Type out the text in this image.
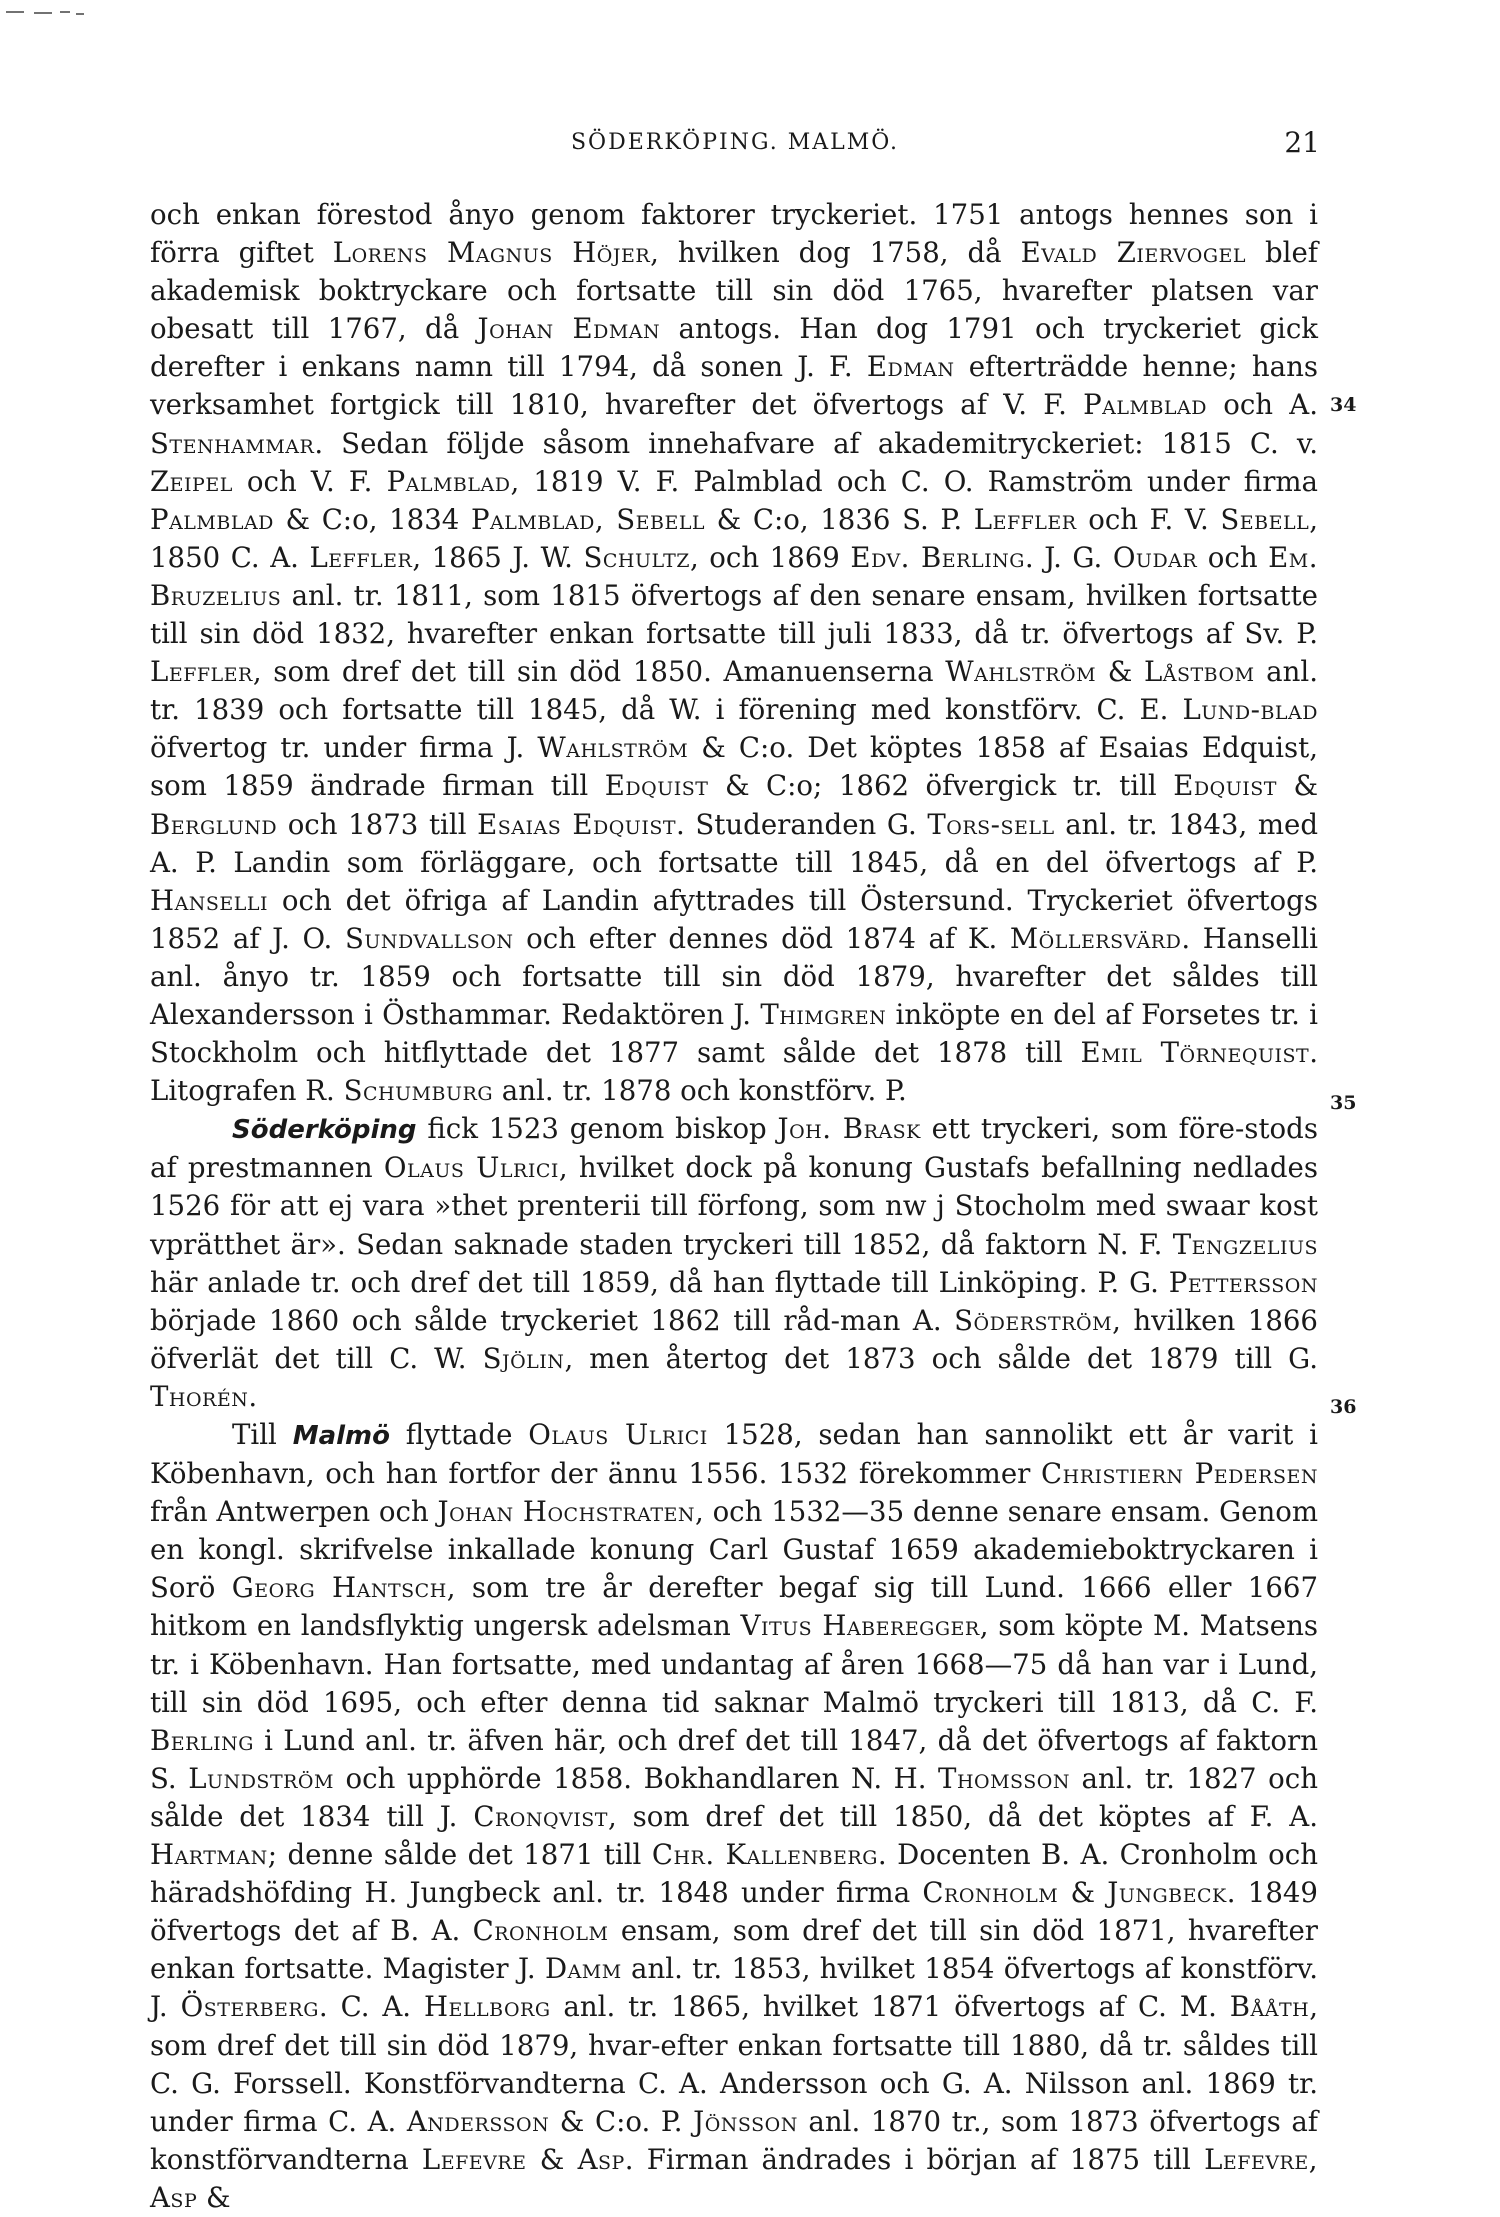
SÖDERKÖPING. MALMÖ.	21
34
35
36

och enkan förestod ånyo genom faktorer tryckeriet. 1751 antogs hennes son i förra giftet Lorens Magnus Höjer, hvilken dog 1758, då Evald Ziervogel blef akademisk boktryckare och fortsatte till sin död 1765, hvarefter platsen var obesatt till 1767, då Johan Edman antogs. Han dog 1791 och tryckeriet gick derefter i enkans namn till 1794, då sonen J. F. Edman efterträdde henne; hans verksamhet fortgick till 1810, hvarefter det öfvertogs af V. F. Palmblad och A. Stenhammar. Sedan följde såsom innehafvare af akademitryckeriet: 1815 C. v. Zeipel och V. F. Palmblad, 1819 V. F. Palmblad och C. O. Ramström under firma Palmblad & C:o, 1834 Palmblad, Sebell & C:o, 1836 S. P. Leffler och F. V. Sebell, 1850 C. A. Leffler, 1865 J. W. Schultz, och 1869 Edv. Berling. J. G. Oudar och Em. Bruzelius anl. tr. 1811, som 1815 öfvertogs af den senare ensam, hvilken fortsatte till sin död 1832, hvarefter enkan fortsatte till juli 1833, då tr. öfvertogs af Sv. P. Leffler, som dref det till sin död 1850. Amanuenserna Wahlström & Låstbom anl. tr. 1839 och fortsatte till 1845, då W. i förening med konstförv. C. E. Lund-blad öfvertog tr. under firma J. Wahlström & C:o. Det köptes 1858 af Esaias Edquist, som 1859 ändrade firman till Edquist & C:o; 1862 öfvergick tr. till Edquist & Berglund och 1873 till Esaias Edquist. Studeranden G. Tors-sell anl. tr. 1843, med A. P. Landin som förläggare, och fortsatte till 1845, då en del öfvertogs af P. Hanselli och det öfriga af Landin afyttrades till Östersund. Tryckeriet öfvertogs 1852 af J. O. Sundvallson och efter dennes död 1874 af K. Möllersvärd. Hanselli anl. ånyo tr. 1859 och fortsatte till sin död 1879, hvarefter det såldes till Alexandersson i Östhammar. Redaktören J. Thimgren inköpte en del af Forsetes tr. i Stockholm och hitflyttade det 1877 samt sålde det 1878 till Emil Törnequist. Litografen R. Schumburg anl. tr. 1878 och konstförv. P.

Söderköping fick 1523 genom biskop Joh. Brask ett tryckeri, som före-stods af prestmannen Olaus Ulrici, hvilket dock på konung Gustafs befallning nedlades 1526 för att ej vara »thet prenterii till förfong, som nw j Stocholm med swaar kost vprätthet är». Sedan saknade staden tryckeri till 1852, då faktorn N. F. Tengzelius här anlade tr. och dref det till 1859, då han flyttade till Linköping. P. G. Pettersson började 1860 och sålde tryckeriet 1862 till råd-man A. Söderström, hvilken 1866 öfverlät det till C. W. Sjölin, men återtog det 1873 och sålde det 1879 till G. Thorén.

Till Malmö flyttade Olaus Ulrici 1528, sedan han sannolikt ett år varit i Köbenhavn, och han fortfor der ännu 1556. 1532 förekommer Christiern Pedersen från Antwerpen och Johan Hochstraten, och 1532—35 denne senare ensam. Genom en kongl. skrifvelse inkallade konung Carl Gustaf 1659 akademieboktryckaren i Sorö Georg Hantsch, som tre år derefter begaf sig till Lund. 1666 eller 1667 hitkom en landsflyktig ungersk adelsman Vitus Haberegger, som köpte M. Matsens tr. i Köbenhavn. Han fortsatte, med undantag af åren 1668—75 då han var i Lund, till sin död 1695, och efter denna tid saknar Malmö tryckeri till 1813, då C. F. Berling i Lund anl. tr. äfven här, och dref det till 1847, då det öfvertogs af faktorn S. Lundström och upphörde 1858. Bokhandlaren N. H. Thomsson anl. tr. 1827 och sålde det 1834 till J. Cronqvist, som dref det till 1850, då det köptes af F. A. Hartman; denne sålde det 1871 till Chr. Kallenberg. Docenten B. A. Cronholm och häradshöfding H. Jungbeck anl. tr. 1848 under firma Cronholm & Jungbeck. 1849 öfvertogs det af B. A. Cronholm ensam, som dref det till sin död 1871, hvarefter enkan fortsatte. Magister J. Damm anl. tr. 1853, hvilket 1854 öfvertogs af konstförv. J. Österberg. C. A. Hellborg anl. tr. 1865, hvilket 1871 öfvertogs af C. M. Bååth, som dref det till sin död 1879, hvar-efter enkan fortsatte till 1880, då tr. såldes till C. G. Forssell. Konstförvandterna C. A. Andersson och G. A. Nilsson anl. 1869 tr. under firma C. A. Andersson & C:o. P. Jönsson anl. 1870 tr., som 1873 öfvertogs af konstförvandterna Lefevre & Asp. Firman ändrades i början af 1875 till Lefevre, Asp &
